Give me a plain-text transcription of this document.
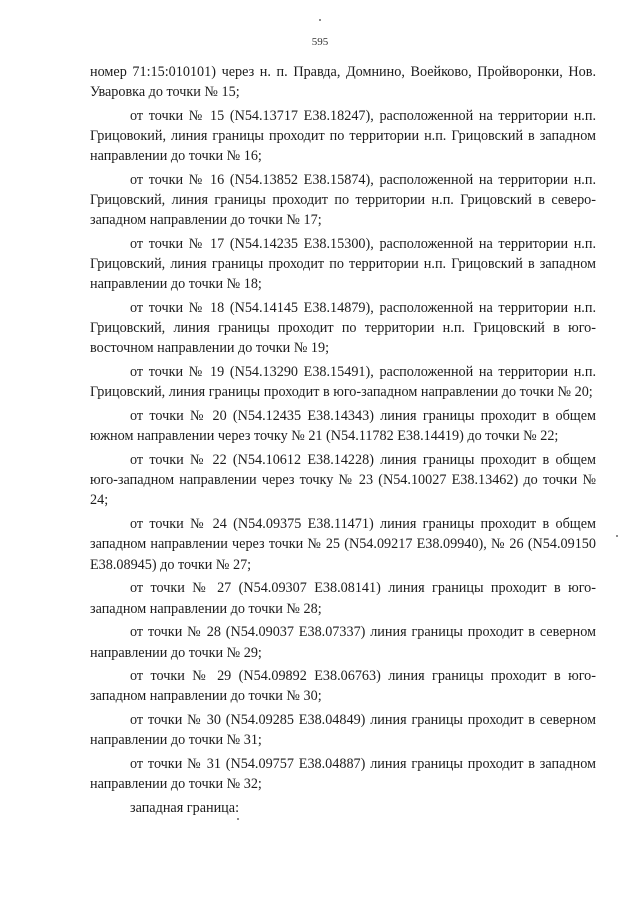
595

номер 71:15:010101) через н. п. Правда, Домнино, Воейково, Пройворонки, Нов. Уваровка до точки № 15;

от точки № 15 (N54.13717 E38.18247), расположенной на территории н.п. Грицовокий, линия границы проходит по территории н.п. Грицовский в западном направлении до точки № 16;

от точки № 16 (N54.13852 E38.15874), расположенной на территории н.п. Грицовский, линия границы проходит по территории н.п. Грицовский в северо-западном направлении до точки № 17;

от точки № 17 (N54.14235 E38.15300), расположенной на территории н.п. Грицовский, линия границы проходит по территории н.п. Грицовский в западном направлении до точки № 18;

от точки № 18 (N54.14145 E38.14879), расположенной на территории н.п. Грицовский, линия границы проходит по территории н.п. Грицовский в юго-восточном направлении до точки № 19;

от точки № 19 (N54.13290 E38.15491), расположенной на территории н.п. Грицовский, линия границы проходит в юго-западном направлении до точки № 20;

от точки № 20 (N54.12435 E38.14343) линия границы проходит в общем южном направлении через точку № 21 (N54.11782 E38.14419) до точки № 22;

от точки № 22 (N54.10612 E38.14228) линия границы проходит в общем юго-западном направлении через точку № 23 (N54.10027 E38.13462) до точки № 24;

от точки № 24 (N54.09375 E38.11471) линия границы проходит в общем западном направлении через точки № 25 (N54.09217 E38.09940), № 26 (N54.09150 E38.08945) до точки № 27;

от точки № 27 (N54.09307 E38.08141) линия границы проходит в юго-западном направлении до точки № 28;

от точки № 28 (N54.09037 E38.07337) линия границы проходит в северном направлении до точки № 29;

от точки № 29 (N54.09892 E38.06763) линия границы проходит в юго-западном направлении до точки № 30;

от точки № 30 (N54.09285 E38.04849) линия границы проходит в северном направлении до точки № 31;

от точки № 31 (N54.09757 E38.04887) линия границы проходит в западном направлении до точки № 32;

западная граница:
